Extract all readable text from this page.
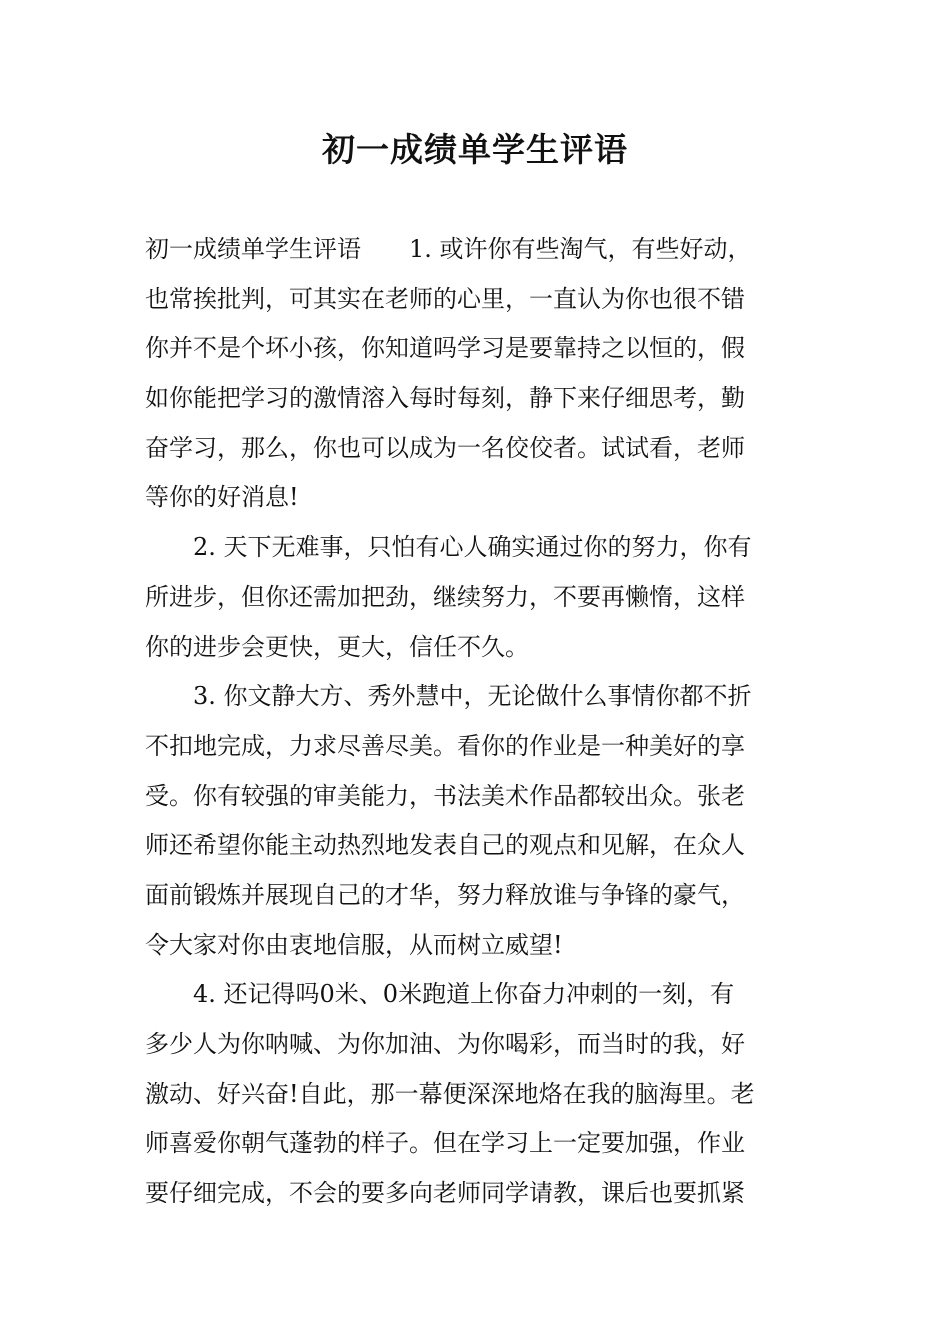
初一成绩单学生评语
初一成绩单学生评语　　1. 或许你有些淘气，有些好动，
也常挨批判，可其实在老师的心里，一直认为你也很不错
你并不是个坏小孩，你知道吗学习是要靠持之以恒的，假
如你能把学习的激情溶入每时每刻，静下来仔细思考，勤
奋学习，那么，你也可以成为一名佼佼者。试试看，老师
等你的好消息!
　　2. 天下无难事，只怕有心人确实通过你的努力，你有
所进步，但你还需加把劲，继续努力，不要再懒惰，这样
你的进步会更快，更大，信任不久。
　　3. 你文静大方、秀外慧中，无论做什么事情你都不折
不扣地完成，力求尽善尽美。看你的作业是一种美好的享
受。你有较强的审美能力，书法美术作品都较出众。张老
师还希望你能主动热烈地发表自己的观点和见解，在众人
面前锻炼并展现自己的才华，努力释放谁与争锋的豪气，
令大家对你由衷地信服，从而树立威望!
　　4. 还记得吗0米、0米跑道上你奋力冲刺的一刻，有
多少人为你呐喊、为你加油、为你喝彩，而当时的我，好
激动、好兴奋!自此，那一幕便深深地烙在我的脑海里。老
师喜爱你朝气蓬勃的样子。但在学习上一定要加强，作业
要仔细完成，不会的要多向老师同学请教，课后也要抓紧
